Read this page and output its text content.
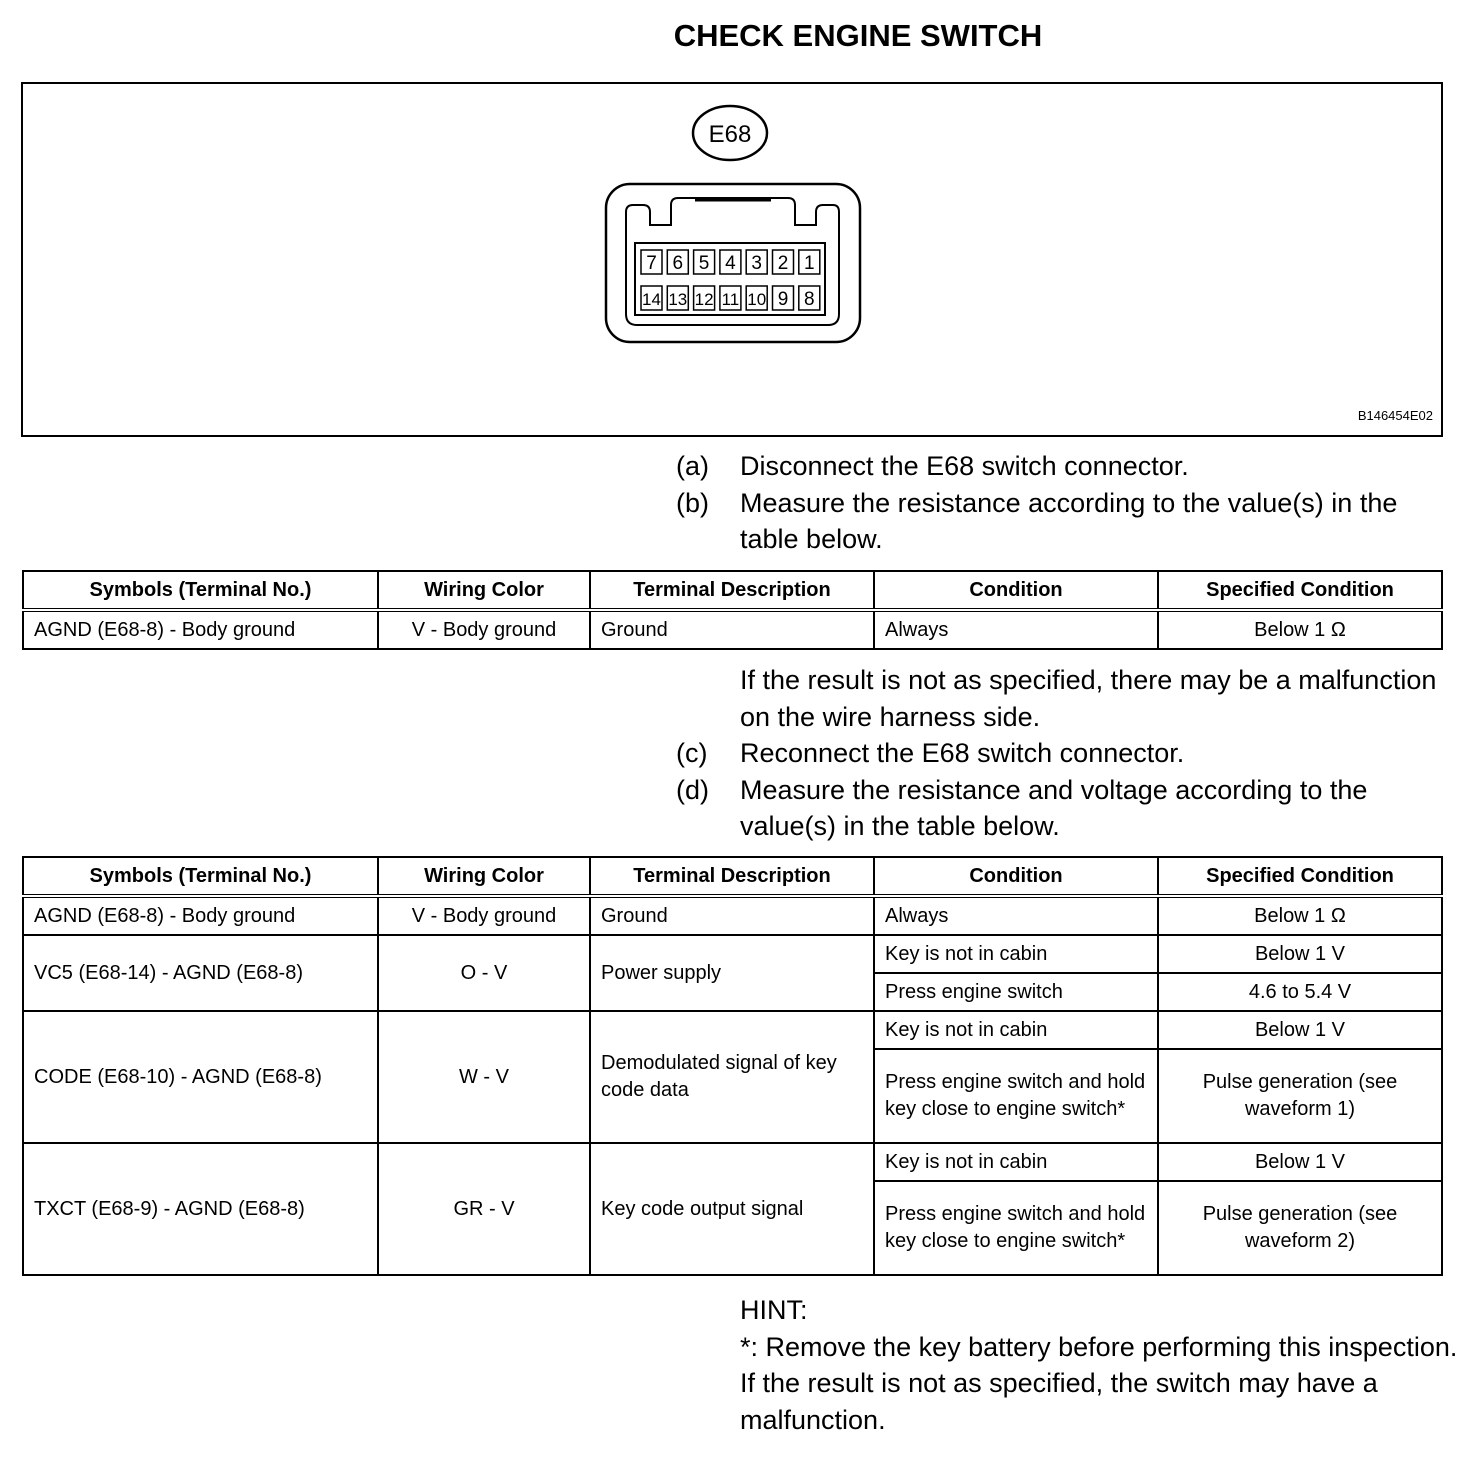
CHECK ENGINE SWITCH
E68
7 6 5 4 3 2 1
14 13 12 11 10 9 8
B146454E02
(a)	Disconnect the E68 switch connector.
(b)	Measure the resistance according to the value(s) in the table below.
Symbols (Terminal No.)	Wiring Color	Terminal Description	Condition	Specified Condition
AGND (E68-8) - Body ground	V - Body ground	Ground	Always	Below 1 Ω
If the result is not as specified, there may be a malfunction on the wire harness side.
(c)	Reconnect the E68 switch connector.
(d)	Measure the resistance and voltage according to the value(s) in the table below.
Symbols (Terminal No.)	Wiring Color	Terminal Description	Condition	Specified Condition
AGND (E68-8) - Body ground	V - Body ground	Ground	Always	Below 1 Ω
VC5 (E68-14) - AGND (E68-8)	O - V	Power supply	Key is not in cabin	Below 1 V
			Press engine switch	4.6 to 5.4 V
CODE (E68-10) - AGND (E68-8)	W - V	Demodulated signal of key code data	Key is not in cabin	Below 1 V
			Press engine switch and hold key close to engine switch*	Pulse generation (see waveform 1)
TXCT (E68-9) - AGND (E68-8)	GR - V	Key code output signal	Key is not in cabin	Below 1 V
			Press engine switch and hold key close to engine switch*	Pulse generation (see waveform 2)
HINT:
*: Remove the key battery before performing this inspection.
If the result is not as specified, the switch may have a malfunction.
